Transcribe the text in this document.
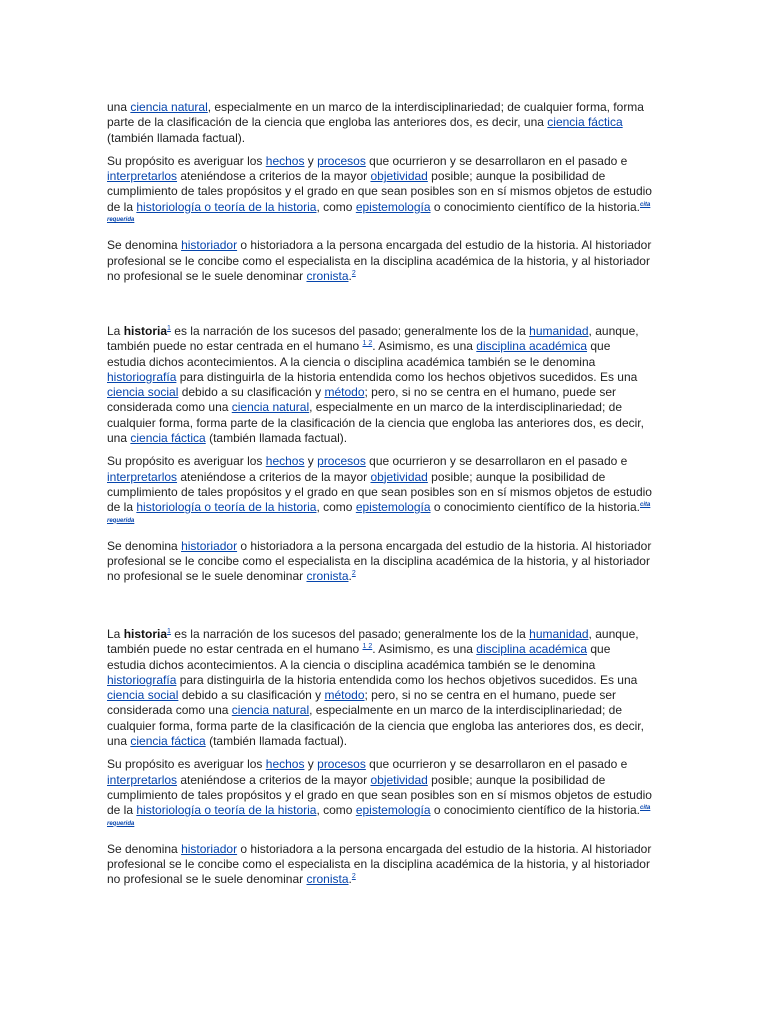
una ciencia natural, especialmente en un marco de la interdisciplinariedad; de cualquier forma, forma parte de la clasificación de la ciencia que engloba las anteriores dos, es decir, una ciencia fáctica (también llamada factual).

Su propósito es averiguar los hechos y procesos que ocurrieron y se desarrollaron en el pasado e interpretarlos ateniéndose a criterios de la mayor objetividad posible; aunque la posibilidad de cumplimiento de tales propósitos y el grado en que sean posibles son en sí mismos objetos de estudio de la historiología o teoría de la historia, como epistemología o conocimiento científico de la historia.$^{cita requerida}$

Se denomina historiador o historiadora a la persona encargada del estudio de la historia. Al historiador profesional se le concibe como el especialista en la disciplina académica de la historia, y al historiador no profesional se le suele denominar cronista.$^2$

La historia$^1$ es la narración de los sucesos del pasado; generalmente los de la humanidad, aunque, también puede no estar centrada en el humano $^{1 2}$. Asimismo, es una disciplina académica que estudia dichos acontecimientos. A la ciencia o disciplina académica también se le denomina historiografía para distinguirla de la historia entendida como los hechos objetivos sucedidos. Es una ciencia social debido a su clasificación y método; pero, si no se centra en el humano, puede ser considerada como una ciencia natural, especialmente en un marco de la interdisciplinariedad; de cualquier forma, forma parte de la clasificación de la ciencia que engloba las anteriores dos, es decir, una ciencia fáctica (también llamada factual).

Su propósito es averiguar los hechos y procesos que ocurrieron y se desarrollaron en el pasado e interpretarlos ateniéndose a criterios de la mayor objetividad posible; aunque la posibilidad de cumplimiento de tales propósitos y el grado en que sean posibles son en sí mismos objetos de estudio de la historiología o teoría de la historia, como epistemología o conocimiento científico de la historia.$^{cita requerida}$

Se denomina historiador o historiadora a la persona encargada del estudio de la historia. Al historiador profesional se le concibe como el especialista en la disciplina académica de la historia, y al historiador no profesional se le suele denominar cronista.$^2$

La historia$^1$ es la narración de los sucesos del pasado; generalmente los de la humanidad, aunque, también puede no estar centrada en el humano $^{1 2}$. Asimismo, es una disciplina académica que estudia dichos acontecimientos. A la ciencia o disciplina académica también se le denomina historiografía para distinguirla de la historia entendida como los hechos objetivos sucedidos. Es una ciencia social debido a su clasificación y método; pero, si no se centra en el humano, puede ser considerada como una ciencia natural, especialmente en un marco de la interdisciplinariedad; de cualquier forma, forma parte de la clasificación de la ciencia que engloba las anteriores dos, es decir, una ciencia fáctica (también llamada factual).

Su propósito es averiguar los hechos y procesos que ocurrieron y se desarrollaron en el pasado e interpretarlos ateniéndose a criterios de la mayor objetividad posible; aunque la posibilidad de cumplimiento de tales propósitos y el grado en que sean posibles son en sí mismos objetos de estudio de la historiología o teoría de la historia, como epistemología o conocimiento científico de la historia.$^{cita requerida}$

Se denomina historiador o historiadora a la persona encargada del estudio de la historia. Al historiador profesional se le concibe como el especialista en la disciplina académica de la historia, y al historiador no profesional se le suele denominar cronista.$^2$
